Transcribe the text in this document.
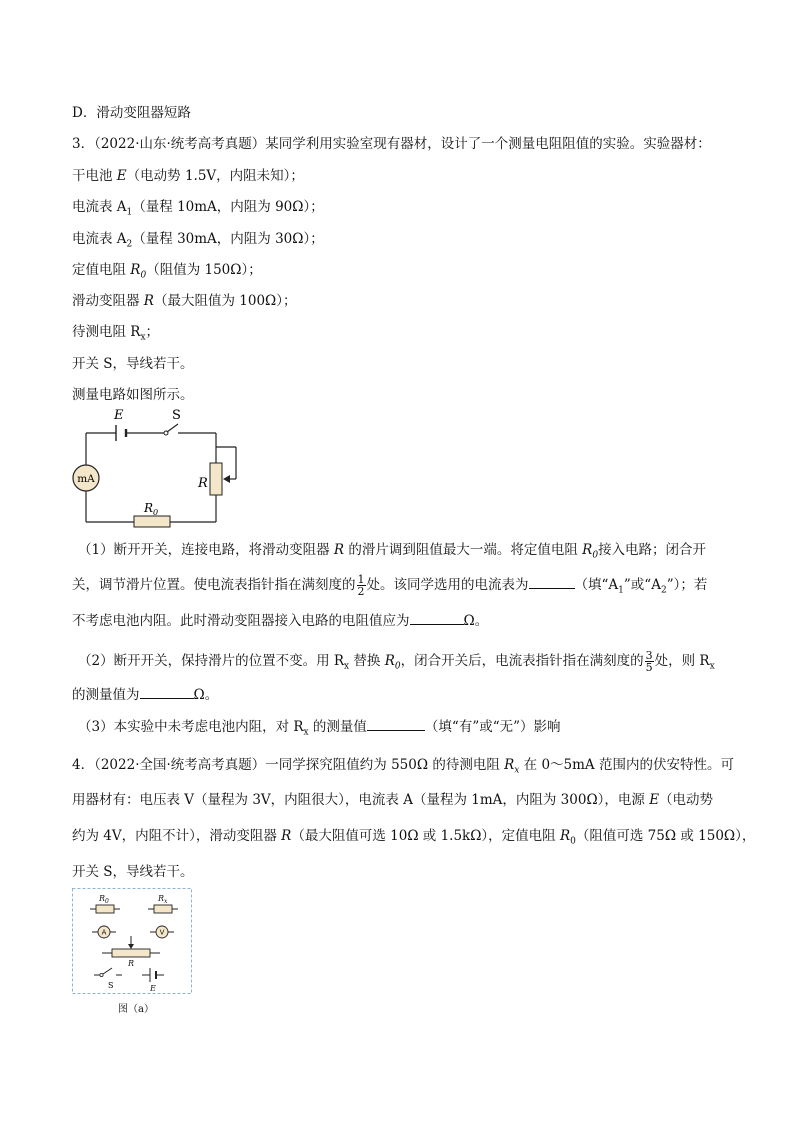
D．滑动变阻器短路
3．（2022·山东·统考高考真题）某同学利用实验室现有器材，设计了一个测量电阻阻值的实验。实验器材：
干电池 E（电动势 1.5V，内阻未知）；
电流表 $A_1$（量程 10mA，内阻为 90Ω）；
电流表 $A_2$（量程 30mA，内阻为 30Ω）；
定值电阻 $R_0$（阻值为 150Ω）；
滑动变阻器 R（最大阻值为 100Ω）；
待测电阻 $R_x$；
开关 S，导线若干。
测量电路如图所示。
mA
E	S
R
$R_0$
（1）断开开关，连接电路，将滑动变阻器 R 的滑片调到阻值最大一端。将定值电阻 $R_0$接入电路；闭合开
关，调节滑片位置。使电流表指针指在满刻度的 $\frac{1}{2}$ 处。该同学选用的电流表为	（填“$A_1$”或“$A_2$”）；若
不考虑电池内阻。此时滑动变阻器接入电路的电阻值应为	Ω。
（2）断开开关，保持滑片的位置不变。用 $R_x$ 替换 $R_0$，闭合开关后，电流表指针指在满刻度的 $\frac{3}{5}$ 处，则 $R_x$
的测量值为	Ω。
（3）本实验中未考虑电池内阻，对 $R_x$ 的测量值	（填“有”或“无”）影响
4．（2022·全国·统考高考真题）一同学探究阻值约为 550Ω 的待测电阻 $R_x$ 在 0～5mA 范围内的伏安特性。可
用器材有：电压表 V（量程为 3V，内阻很大），电流表 A（量程为 1mA，内阻为 300Ω），电源 E（电动势
约为 4V，内阻不计），滑动变阻器 R（最大阻值可选 10Ω 或 1.5kΩ），定值电阻 $R_0$（阻值可选 75Ω 或 150Ω），
开关 S，导线若干。
$R_0$	$R_x$
R
E
A	V
S
图（a）
